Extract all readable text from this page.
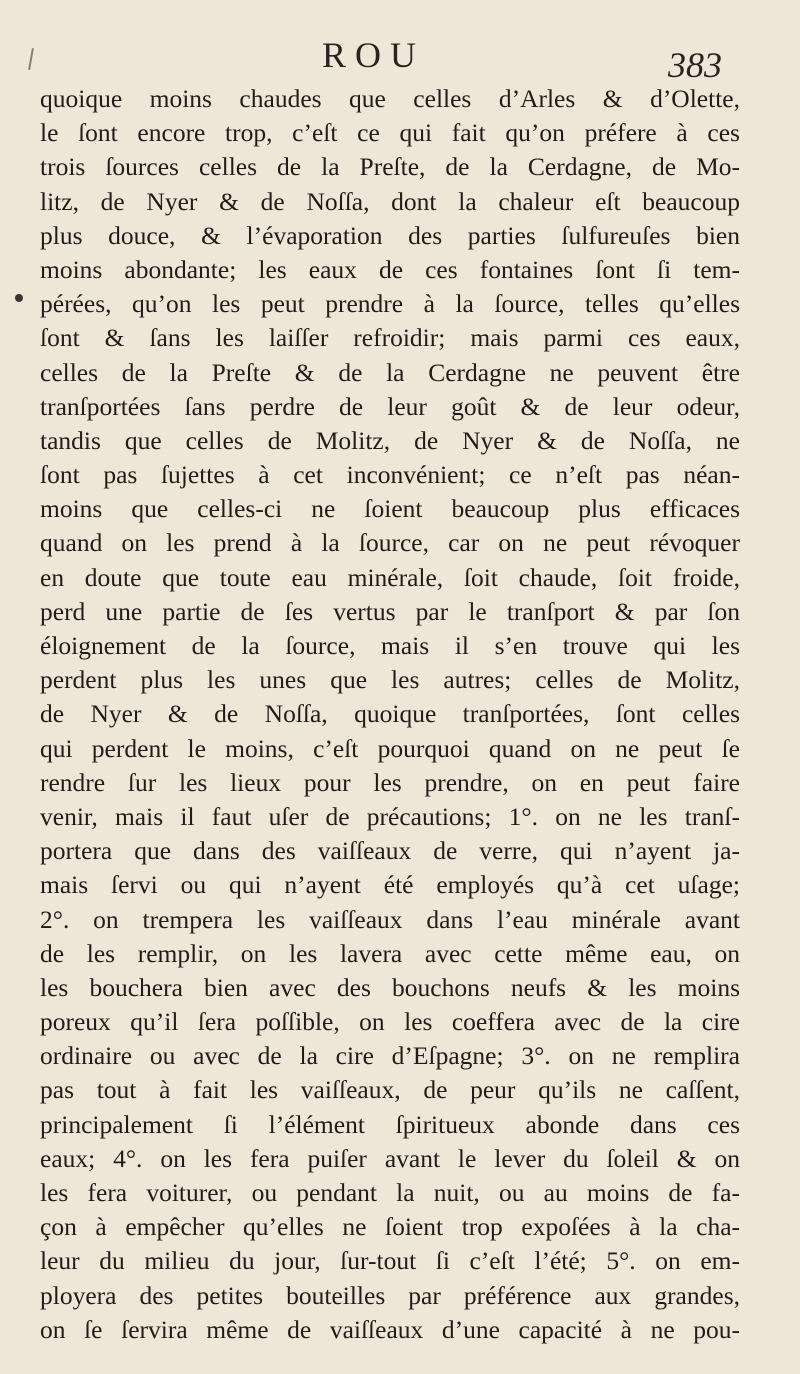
ROU	383
quoique moins chaudes que celles d’Arles & d’Olette,
le ſont encore trop, c’eſt ce qui fait qu’on préfere à ces
trois ſources celles de la Preſte, de la Cerdagne, de Mo-
litz, de Nyer & de Noſſa, dont la chaleur eſt beaucoup
plus douce, & l’évaporation des parties ſulfureuſes bien
moins abondante; les eaux de ces fontaines ſont ſi tem-
pérées, qu’on les peut prendre à la ſource, telles qu’elles
ſont & ſans les laiſſer refroidir; mais parmi ces eaux,
celles de la Preſte & de la Cerdagne ne peuvent être
tranſportées ſans perdre de leur goût & de leur odeur,
tandis que celles de Molitz, de Nyer & de Noſſa, ne
ſont pas ſujettes à cet inconvénient; ce n’eſt pas néan-
moins que celles-ci ne ſoient beaucoup plus efficaces
quand on les prend à la ſource, car on ne peut révoquer
en doute que toute eau minérale, ſoit chaude, ſoit froide,
perd une partie de ſes vertus par le tranſport & par ſon
éloignement de la ſource, mais il s’en trouve qui les
perdent plus les unes que les autres; celles de Molitz,
de Nyer & de Noſſa, quoique tranſportées, ſont celles
qui perdent le moins, c’eſt pourquoi quand on ne peut ſe
rendre ſur les lieux pour les prendre, on en peut faire
venir, mais il faut uſer de précautions; 1°. on ne les tranſ-
portera que dans des vaiſſeaux de verre, qui n’ayent ja-
mais ſervi ou qui n’ayent été employés qu’à cet uſage;
2°. on trempera les vaiſſeaux dans l’eau minérale avant
de les remplir, on les lavera avec cette même eau, on
les bouchera bien avec des bouchons neufs & les moins
poreux qu’il ſera poſſible, on les coeffera avec de la cire
ordinaire ou avec de la cire d’Eſpagne; 3°. on ne remplira
pas tout à fait les vaiſſeaux, de peur qu’ils ne caſſent,
principalement ſi l’élément ſpiritueux abonde dans ces
eaux; 4°. on les fera puiſer avant le lever du ſoleil & on
les fera voiturer, ou pendant la nuit, ou au moins de fa-
çon à empêcher qu’elles ne ſoient trop expoſées à la cha-
leur du milieu du jour, ſur-tout ſi c’eſt l’été; 5°. on em-
ployera des petites bouteilles par préférence aux grandes,
on ſe ſervira même de vaiſſeaux d’une capacité à ne pou-
